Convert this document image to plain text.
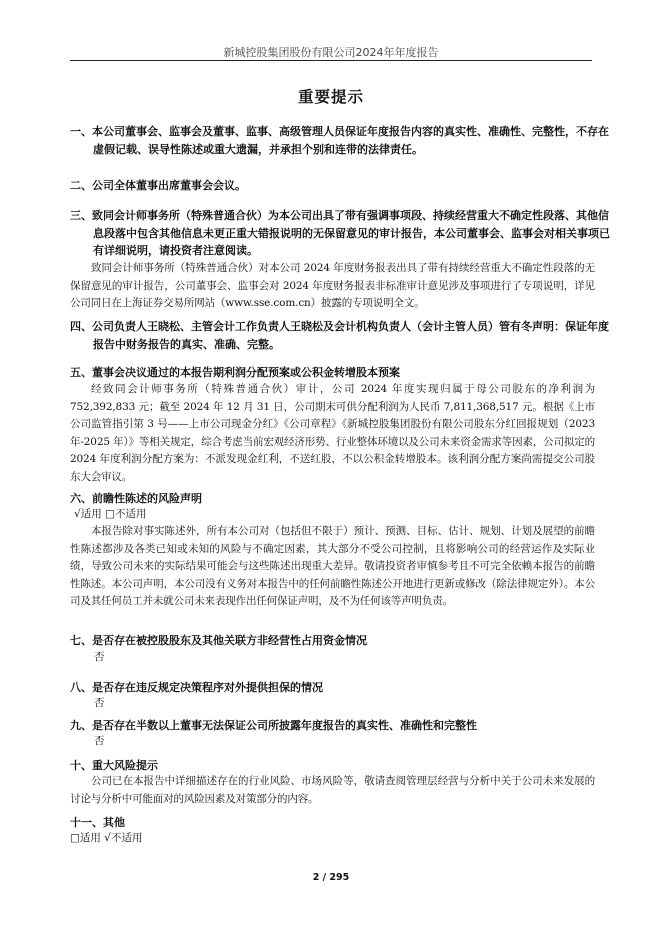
新城控股集团股份有限公司2024年年度报告
重要提示
一、本公司董事会、监事会及董事、监事、高级管理人员保证年度报告内容的真实性、准确性、完整性，不存在虚假记载、误导性陈述或重大遗漏，并承担个别和连带的法律责任。
二、公司全体董事出席董事会会议。
三、致同会计师事务所（特殊普通合伙）为本公司出具了带有强调事项段、持续经营重大不确定性段落、其他信息段落中包含其他信息未更正重大错报说明的无保留意见的审计报告，本公司董事会、监事会对相关事项已有详细说明，请投资者注意阅读。

致同会计师事务所（特殊普通合伙）对本公司 2024 年度财务报表出具了带有持续经营重大不确定性段落的无保留意见的审计报告，公司董事会、监事会对 2024 年度财务报表非标准审计意见涉及事项进行了专项说明，详见公司同日在上海证券交易所网站（www.sse.com.cn）披露的专项说明全文。

四、公司负责人王晓松、主管会计工作负责人王晓松及会计机构负责人（会计主管人员）管有冬声明：保证年度报告中财务报告的真实、准确、完整。
五、董事会决议通过的本报告期利润分配预案或公积金转增股本预案

经致同会计师事务所（特殊普通合伙）审计，公司 2024 年度实现归属于母公司股东的净利润为 752,392,833 元；截至 2024 年 12 月 31 日，公司期末可供分配利润为人民币 7,811,368,517 元。根据《上市公司监管指引第 3 号——上市公司现金分红》《公司章程》《新城控股集团股份有限公司股东分红回报规划（2023 年-2025 年）》等相关规定，综合考虑当前宏观经济形势、行业整体环境以及公司未来资金需求等因素，公司拟定的 2024 年度利润分配方案为：不派发现金红利，不送红股，不以公积金转增股本。该利润分配方案尚需提交公司股东大会审议。

六、前瞻性陈述的风险声明
√适用 □不适用

本报告除对事实陈述外，所有本公司对（包括但不限于）预计、预测、目标、估计、规划、计划及展望的前瞻性陈述都涉及各类已知或未知的风险与不确定因素，其大部分不受公司控制，且将影响公司的经营运作及实际业绩，导致公司未来的实际结果可能会与这些陈述出现重大差异。敬请投资者审慎参考且不可完全依赖本报告的前瞻性陈述。本公司声明，本公司没有义务对本报告中的任何前瞻性陈述公开地进行更新或修改（除法律规定外）。本公司及其任何员工并未就公司未来表现作出任何保证声明，及不为任何该等声明负责。

七、是否存在被控股股东及其他关联方非经营性占用资金情况
否
八、是否存在违反规定决策程序对外提供担保的情况
否
九、是否存在半数以上董事无法保证公司所披露年度报告的真实性、准确性和完整性
否
十、重大风险提示

公司已在本报告中详细描述存在的行业风险、市场风险等，敬请查阅管理层经营与分析中关于公司未来发展的讨论与分析中可能面对的风险因素及对策部分的内容。

十一、其他
□适用 √不适用
2 / 295
